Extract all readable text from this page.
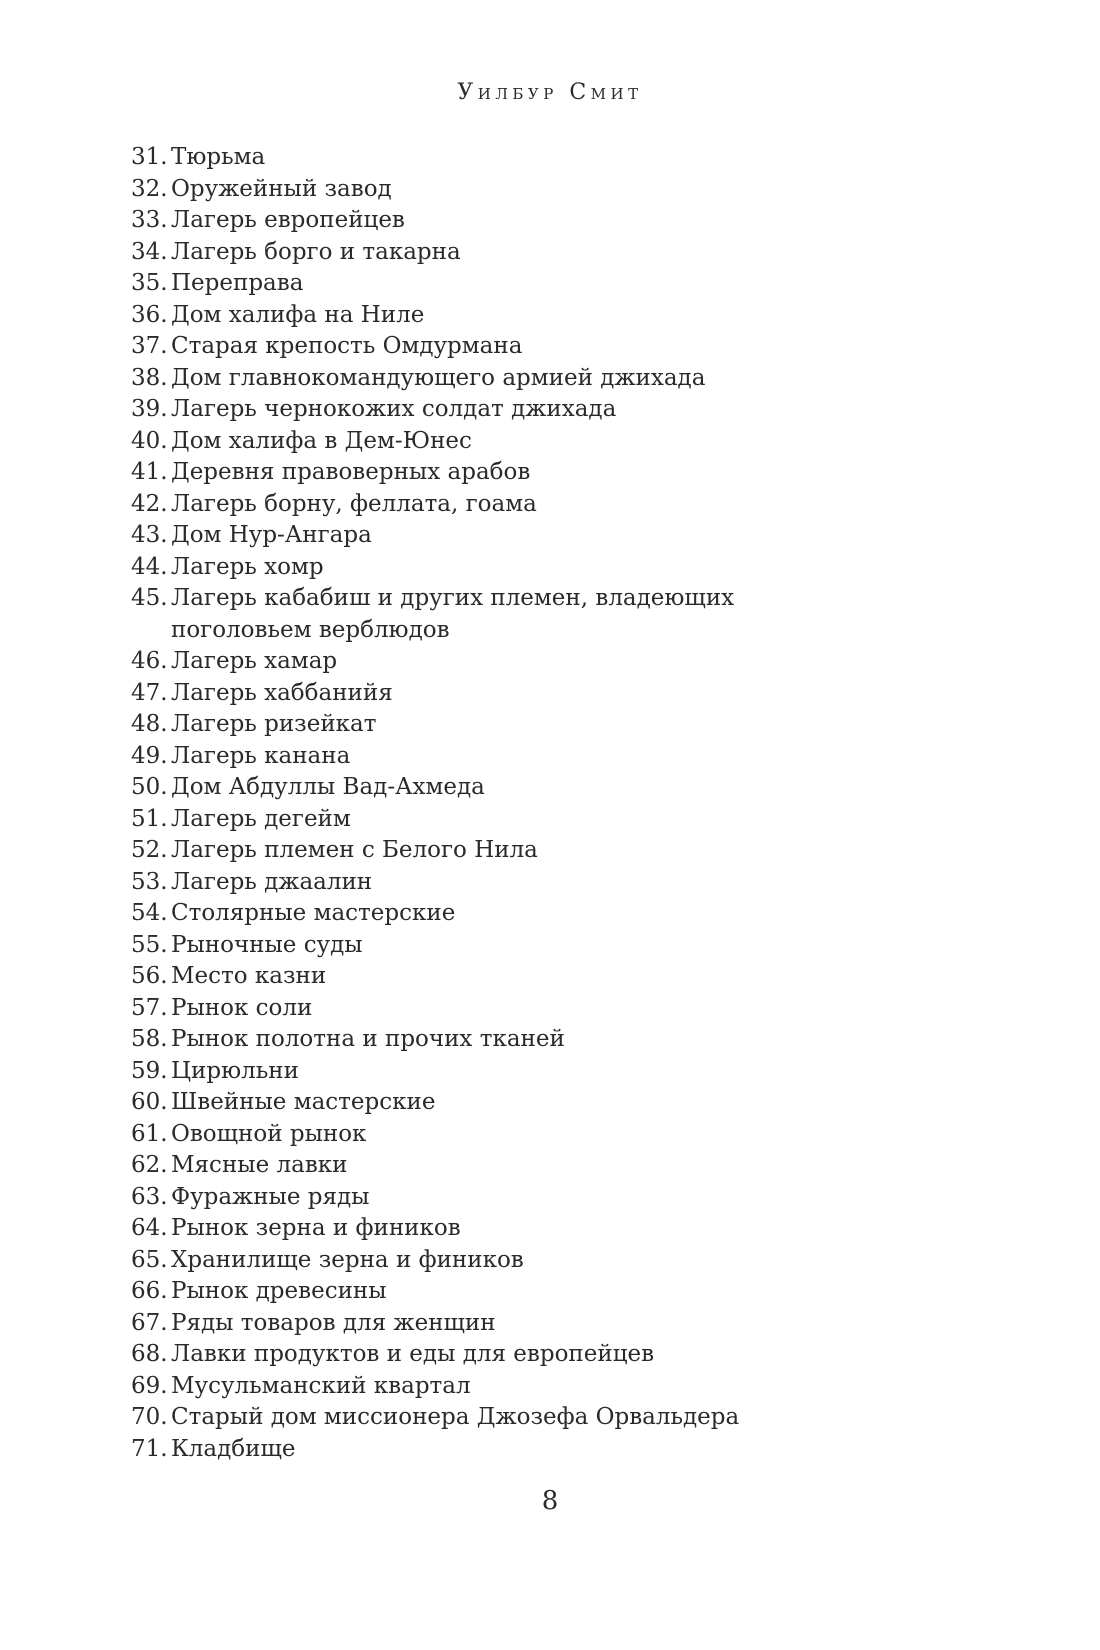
Уилбур Смит
31. Тюрьма
32. Оружейный завод
33. Лагерь европейцев
34. Лагерь борго и такарна
35. Переправа
36. Дом халифа на Ниле
37. Старая крепость Омдурмана
38. Дом главнокомандующего армией джихада
39. Лагерь чернокожих солдат джихада
40. Дом халифа в Дем-Юнес
41. Деревня правоверных арабов
42. Лагерь борну, феллата, гоама
43. Дом Нур-Ангара
44. Лагерь хомр
45. Лагерь кабабиш и других племен, владеющих поголовьем верблюдов
46. Лагерь хамар
47. Лагерь хаббанийя
48. Лагерь ризейкат
49. Лагерь канана
50. Дом Абдуллы Вад-Ахмеда
51. Лагерь дегейм
52. Лагерь племен с Белого Нила
53. Лагерь джаалин
54. Столярные мастерские
55. Рыночные суды
56. Место казни
57. Рынок соли
58. Рынок полотна и прочих тканей
59. Цирюльни
60. Швейные мастерские
61. Овощной рынок
62. Мясные лавки
63. Фуражные ряды
64. Рынок зерна и фиников
65. Хранилище зерна и фиников
66. Рынок древесины
67. Ряды товаров для женщин
68. Лавки продуктов и еды для европейцев
69. Мусульманский квартал
70. Старый дом миссионера Джозефа Орвальдера
71. Кладбище
8
